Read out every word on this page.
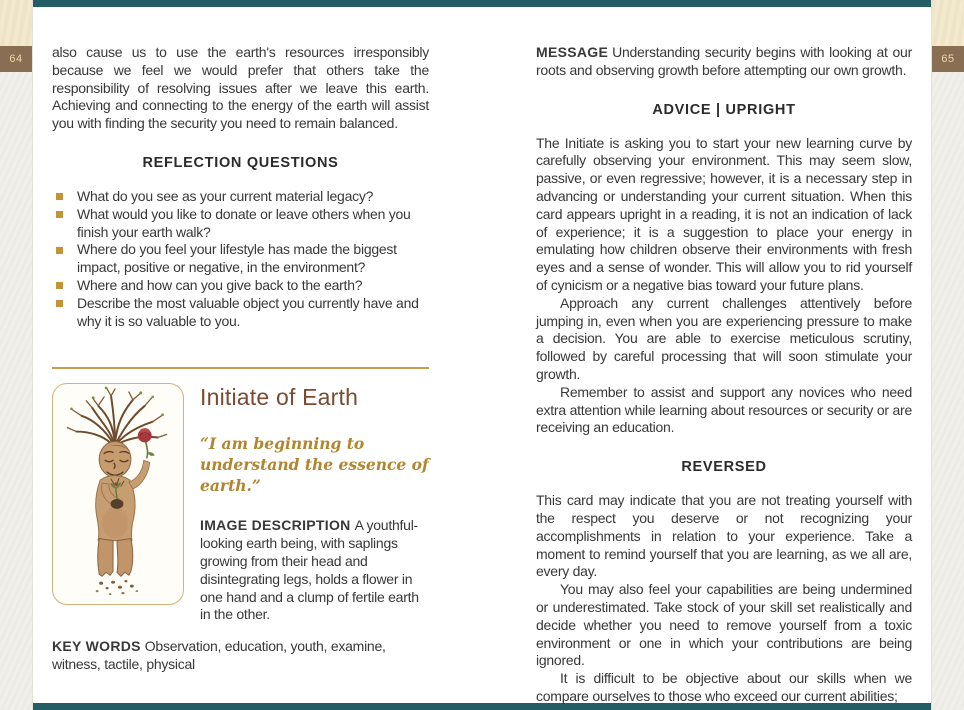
64	65

also cause us to use the earth's resources irresponsibly because we feel we would prefer that others take the responsibility of resolving issues after we leave this earth. Achieving and connecting to the energy of the earth will assist you with finding the security you need to remain balanced.

REFLECTION QUESTIONS
What do you see as your current material legacy?
What would you like to donate or leave others when you finish your earth walk?
Where do you feel your lifestyle has made the biggest impact, positive or negative, in the environment?
Where and how can you give back to the earth?
Describe the most valuable object you currently have and why it is so valuable to you.
Initiate of Earth
“I am beginning to understand the essence of earth.”

IMAGE DESCRIPTION A youthful-looking earth being, with saplings growing from their head and disintegrating legs, holds a flower in one hand and a clump of fertile earth in the other.

KEY WORDS Observation, education, youth, examine, witness, tactile, physical

MESSAGE Understanding security begins with looking at our roots and observing growth before attempting our own growth.

ADVICE | UPRIGHT

The Initiate is asking you to start your new learning curve by carefully observing your environment. This may seem slow, passive, or even regressive; however, it is a necessary step in advancing or understanding your current situation. When this card appears upright in a reading, it is not an indication of lack of experience; it is a suggestion to place your energy in emulating how children observe their environments with fresh eyes and a sense of wonder. This will allow you to rid yourself of cynicism or a negative bias toward your future plans.

Approach any current challenges attentively before jumping in, even when you are experiencing pressure to make a decision. You are able to exercise meticulous scrutiny, followed by careful processing that will soon stimulate your growth.

Remember to assist and support any novices who need extra attention while learning about resources or security or are receiving an education.

REVERSED

This card may indicate that you are not treating yourself with the respect you deserve or not recognizing your accomplishments in relation to your experience. Take a moment to remind yourself that you are learning, as we all are, every day.

You may also feel your capabilities are being undermined or underestimated. Take stock of your skill set realistically and decide whether you need to remove yourself from a toxic environment or one in which your contributions are being ignored.

It is difficult to be objective about our skills when we compare ourselves to those who exceed our current abilities;
